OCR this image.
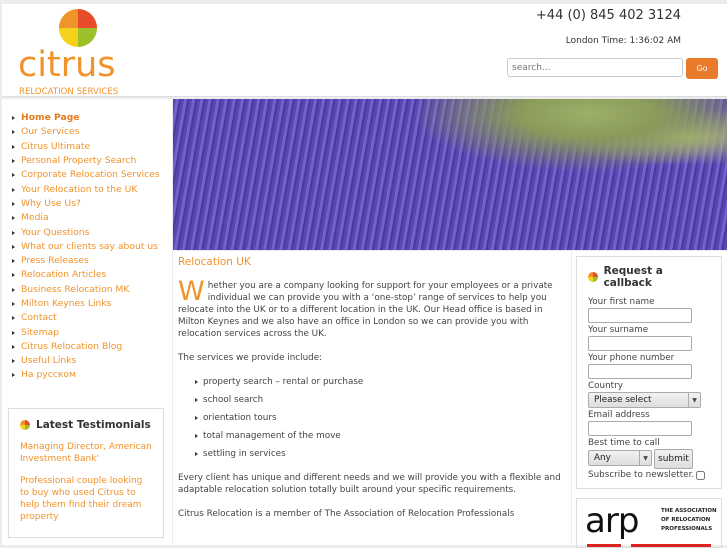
citrus
RELOCATION SERVICES
+44 (0) 845 402 3124
London Time: 1:36:02 AM
search...
Go
Home Page
Our Services
Citrus Ultimate
Personal Property Search
Corporate Relocation Services
Your Relocation to the UK
Why Use Us?
Media
Your Questions
What our clients say about us
Press Releases
Relocation Articles
Business Relocation MK
Milton Keynes Links
Contact
Sitemap
Citrus Relocation Blog
Useful Links
На русском
Latest Testimonials

Managing Director, American Investment Bank'

Professional couple looking to buy who used Citrus to help them find their dream property

Relocation UK

Whether you are a company looking for support for your employees or a private individual we can provide you with a ‘one-stop’ range of services to help you relocate into the UK or to a different location in the UK. Our Head office is based in Milton Keynes and we also have an office in London so we can provide you with relocation services across the UK.

The services we provide include:

property search – rental or purchase
school search
orientation tours
total management of the move
settling in services

Every client has unique and different needs and we will provide you with a flexible and adaptable relocation solution totally built around your specific requirements.

Citrus Relocation is a member of The Association of Relocation Professionals

Request a callback
Your first name
Your surname
Your phone number
Country
Please select	▼
Email address
Best time to call
Any	▼	submit
Subscribe to newsletter.
arp	THE ASSOCIATION OF RELOCATION PROFESSIONALS
